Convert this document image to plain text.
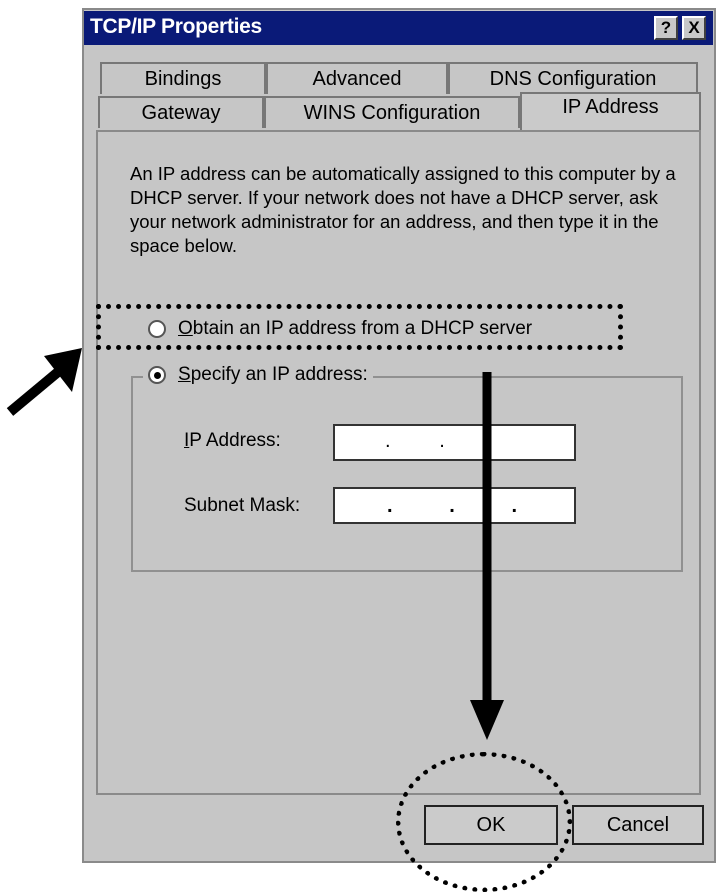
TCP/IP Properties	?	X
Bindings	Advanced	DNS Configuration
Gateway	WINS Configuration	IP Address
An IP address can be automatically assigned to this computer by a DHCP server. If your network does not have a DHCP server, ask your network administrator for an address, and then type it in the space below.
Obtain an IP address from a DHCP server
Specify an IP address:
IP Address:	.   .
Subnet Mask:	.   .   .
OK	Cancel
